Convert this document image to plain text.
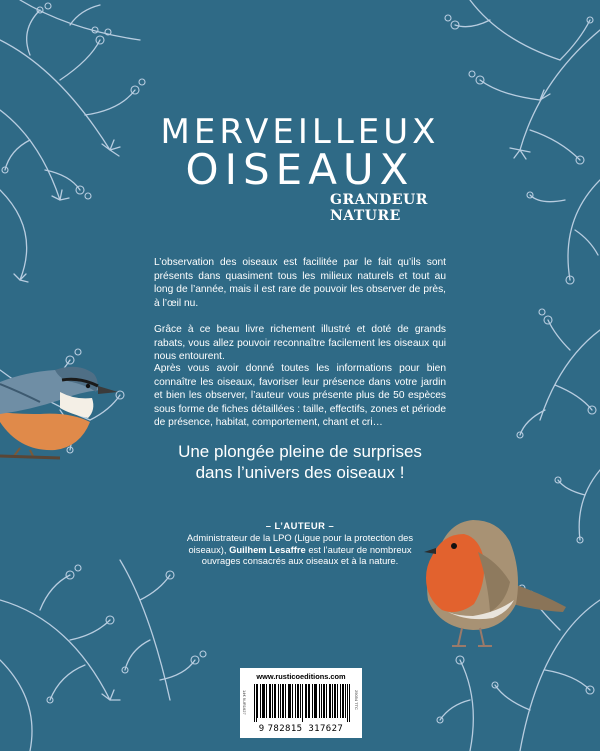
MERVEILLEUX
OISEAUX
GRANDEUR NATURE
L’observation des oiseaux est facilitée par le fait qu’ils sont présents dans quasiment tous les milieux naturels et tout au long de l’année, mais il est rare de pouvoir les observer de près, à l’œil nu.
Grâce à ce beau livre richement illustré et doté de grands rabats, vous allez pouvoir reconnaître facilement les oiseaux qui nous entourent.
Après vous avoir donné toutes les informations pour bien connaître les oiseaux, favoriser leur présence dans votre jardin et bien les observer, l’auteur vous présente plus de 50 espèces sous forme de fiches détaillées : taille, effectifs, zones et période de présence, habitat, comportement, chant et cri…
Une plongée pleine de surprises
dans l’univers des oiseaux !
– L’AUTEUR –
Administrateur de la LPO (Ligue pour la protection des oiseaux), Guilhem Lesaffre est l’auteur de nombreux ouvrages consacrés aux oiseaux et à la nature.
www.rusticoeditions.com
14€ 9UR1627	29054 TTC
9 782815 317627
